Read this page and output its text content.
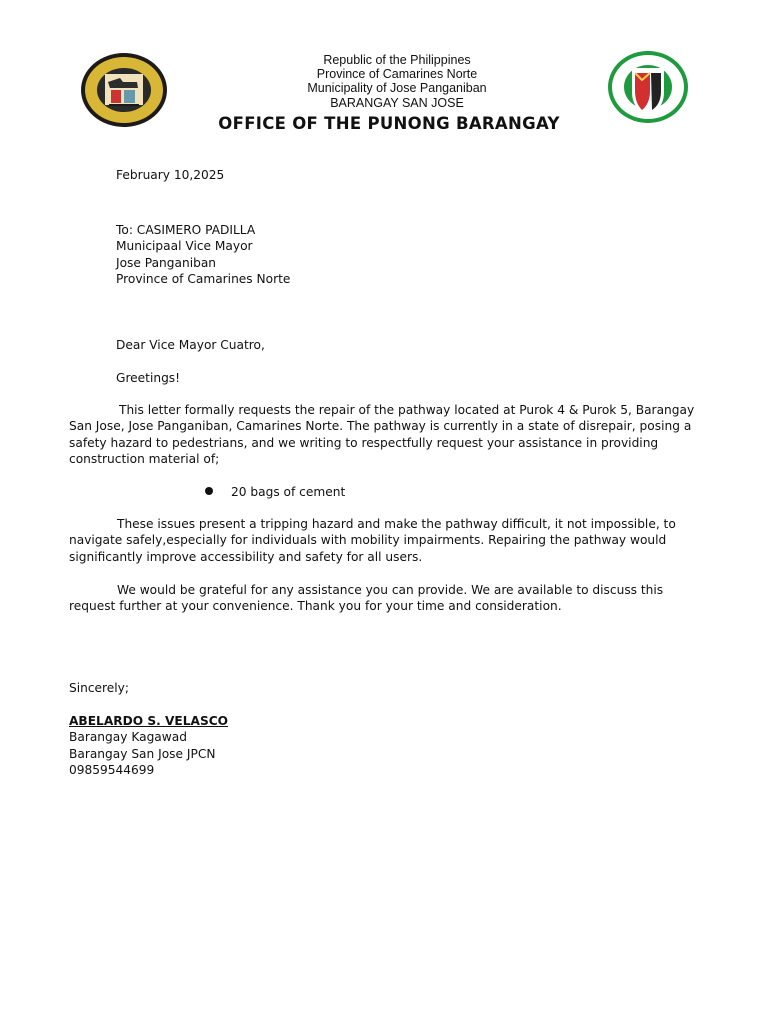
Republic of the Philippines
Province of Camarines Norte
Municipality of Jose Panganiban
BARANGAY SAN JOSE
OFFICE OF THE PUNONG BARANGAY
February 10,2025
To: CASIMERO PADILLA
Municipaal Vice Mayor
Jose Panganiban
Province of Camarines Norte
Dear Vice Mayor Cuatro,
Greetings!
This letter formally requests the repair of the pathway located at Purok 4 & Purok 5, Barangay San Jose, Jose Panganiban, Camarines Norte. The pathway is currently in a state of disrepair, posing a safety hazard to pedestrians, and we writing to respectfully request your assistance in providing construction material of;
20 bags of cement
These issues present a tripping hazard and make the pathway difficult, it not impossible, to navigate safely,especially for individuals with mobility impairments. Repairing the pathway would significantly improve accessibility and safety for all users.
We would be grateful for any assistance you can provide. We are available to discuss this request further at your convenience. Thank you for your time and consideration.
Sincerely;
ABELARDO S. VELASCO
Barangay Kagawad
Barangay San Jose JPCN
09859544699
